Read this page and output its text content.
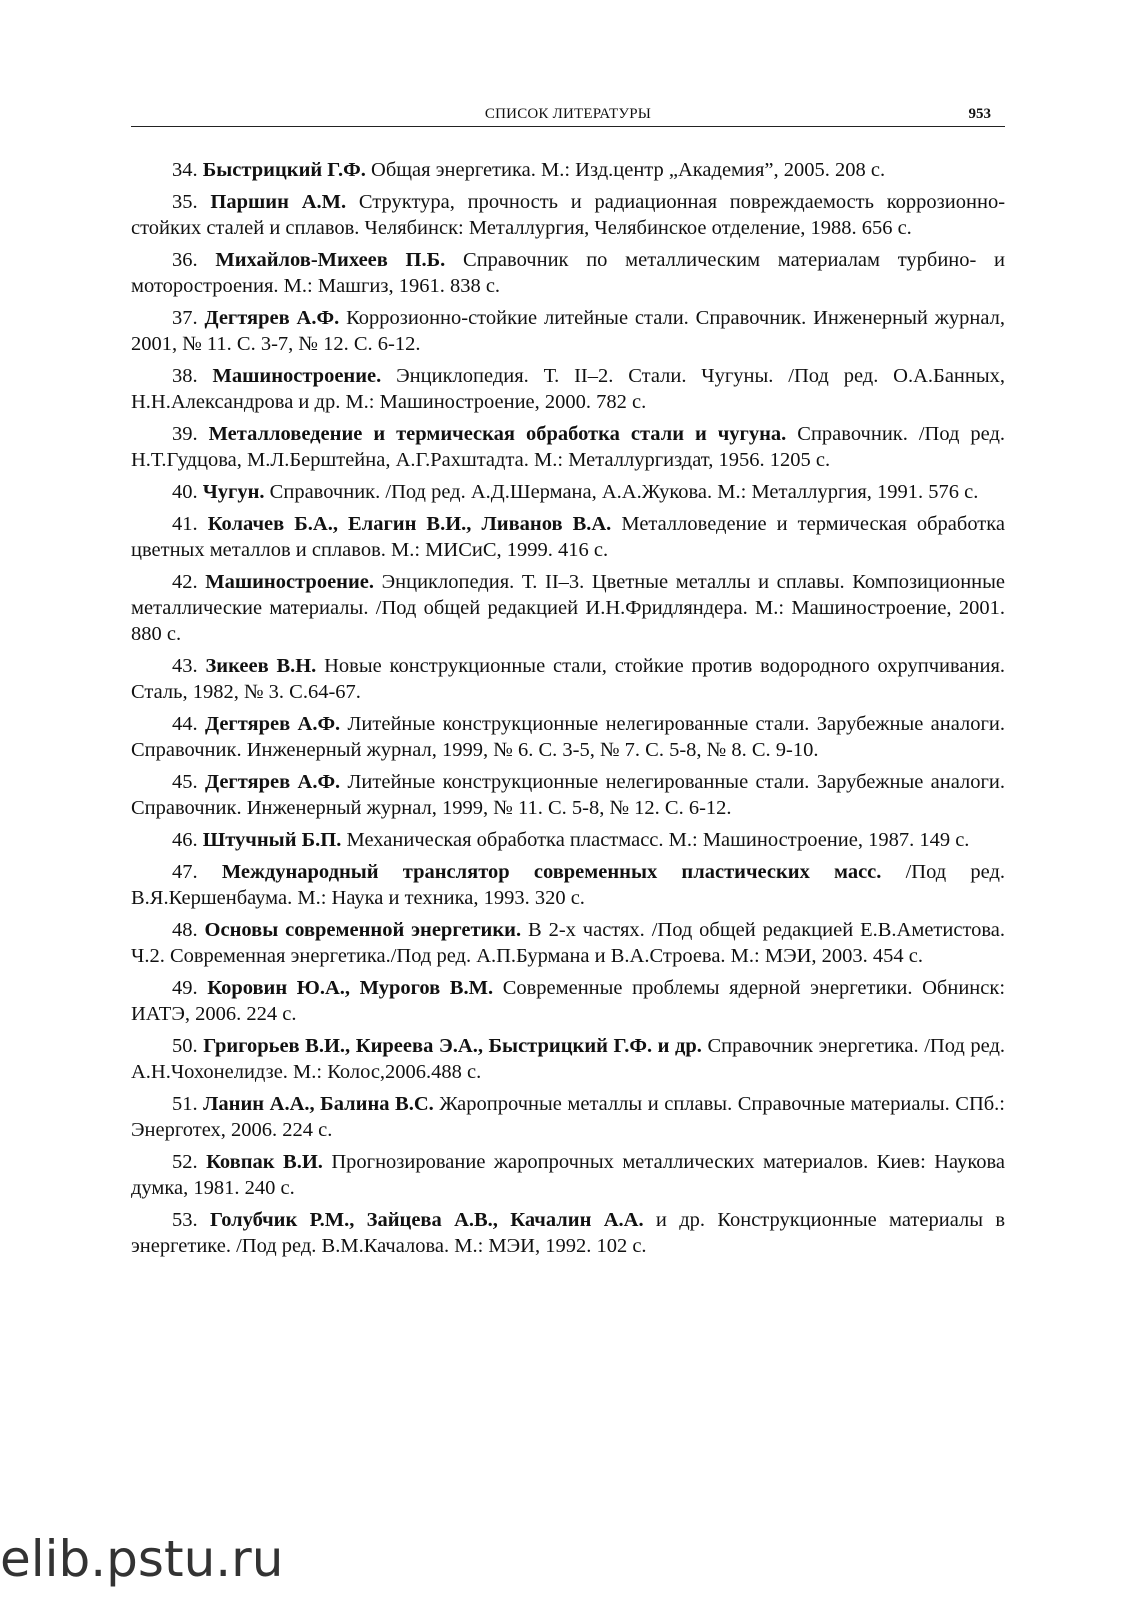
СПИСОК ЛИТЕРАТУРЫ	953

34. Быстрицкий Г.Ф. Общая энергетика. М.: Изд.центр „Академия”, 2005. 208 с.

35. Паршин А.М. Структура, прочность и радиационная повреждаемость коррозионно-стойких сталей и сплавов. Челябинск: Металлургия, Челябинское отделение, 1988. 656 с.

36. Михайлов-Михеев П.Б. Справочник по металлическим материалам турбино- и моторостроения. М.: Машгиз, 1961. 838 с.

37. Дегтярев А.Ф. Коррозионно-стойкие литейные стали. Справочник. Инженерный журнал, 2001, № 11. С. 3-7, № 12. С. 6-12.

38. Машиностроение. Энциклопедия. Т. II–2. Стали. Чугуны. /Под ред. О.А.Банных, Н.Н.Александрова и др. М.: Машиностроение, 2000. 782 с.

39. Металловедение и термическая обработка стали и чугуна. Справочник. /Под ред. Н.Т.Гудцова, М.Л.Берштейна, А.Г.Рахштадта. М.: Металлургиздат, 1956. 1205 с.

40. Чугун. Справочник. /Под ред. А.Д.Шермана, А.А.Жукова. М.: Металлургия, 1991. 576 с.

41. Колачев Б.А., Елагин В.И., Ливанов В.А. Металловедение и термическая обработка цветных металлов и сплавов. М.: МИСиС, 1999. 416 с.

42. Машиностроение. Энциклопедия. Т. II–3. Цветные металлы и сплавы. Композиционные металлические материалы. /Под общей редакцией И.Н.Фридляндера. М.: Машиностроение, 2001. 880 с.

43. Зикеев В.Н. Новые конструкционные стали, стойкие против водородного охрупчивания. Сталь, 1982, № 3. С.64-67.

44. Дегтярев А.Ф. Литейные конструкционные нелегированные стали. Зарубежные аналоги. Справочник. Инженерный журнал, 1999, № 6. С. 3-5, № 7. С. 5-8, № 8. С. 9-10.

45. Дегтярев А.Ф. Литейные конструкционные нелегированные стали. Зарубежные аналоги. Справочник. Инженерный журнал, 1999, № 11. С. 5-8, № 12. С. 6-12.

46. Штучный Б.П. Механическая обработка пластмасс. М.: Машиностроение, 1987. 149 с.

47. Международный транслятор современных пластических масс. /Под ред. В.Я.Кершенбаума. М.: Наука и техника, 1993. 320 с.

48. Основы современной энергетики. В 2-х частях. /Под общей редакцией Е.В.Аметистова. Ч.2. Современная энергетика./Под ред. А.П.Бурмана и В.А.Строева. М.: МЭИ, 2003. 454 с.

49. Коровин Ю.А., Мурогов В.М. Современные проблемы ядерной энергетики. Обнинск: ИАТЭ, 2006. 224 с.

50. Григорьев В.И., Киреева Э.А., Быстрицкий Г.Ф. и др. Справочник энергетика. /Под ред. А.Н.Чохонелидзе. М.: Колос,2006.488 с.

51. Ланин А.А., Балина В.С. Жаропрочные металлы и сплавы. Справочные материалы. СПб.: Энерготех, 2006. 224 с.

52. Ковпак В.И. Прогнозирование жаропрочных металлических материалов. Киев: Наукова думка, 1981. 240 с.

53. Голубчик Р.М., Зайцева А.В., Качалин А.А. и др. Конструкционные материалы в энергетике. /Под ред. В.М.Качалова. М.: МЭИ, 1992. 102 с.

elib.pstu.ru
